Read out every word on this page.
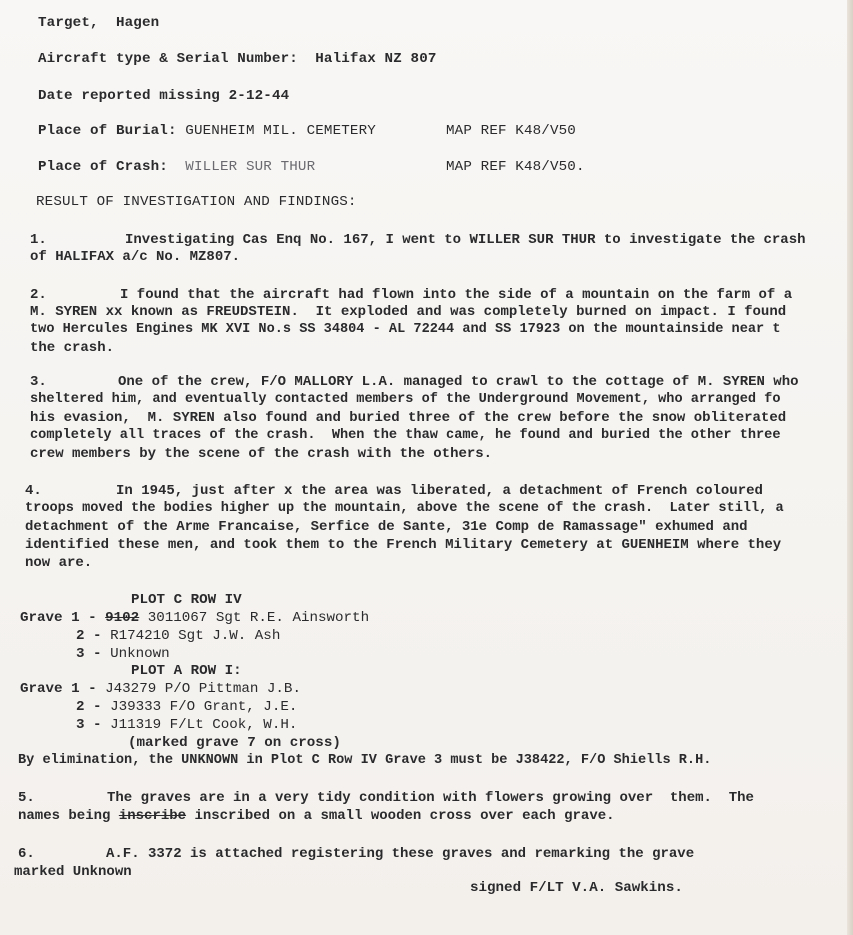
Target, Hagen
Aircraft type & Serial Number: Halifax NZ 807
Date reported missing 2-12-44
Place of Burial: GUENHEIM MIL. CEMETERY	MAP REF K48/V50
Place of Crash: WILLER SUR THUR	MAP REF K48/V50.
RESULT OF INVESTIGATION AND FINDINGS:
1.	Investigating Cas Enq No. 167, I went to WILLER SUR THUR to investigate the crash
of HALIFAX a/c No. MZ807.
2.	I found that the aircraft had flown into the side of a mountain on the farm of a
M. SYREN xx known as FREUDSTEIN.  It exploded and was completely burned on impact. I found
two Hercules Engines MK XVI No.s SS 34804 - AL 72244 and SS 17923 on the mountainside near t
the crash.
3.	One of the crew, F/O MALLORY L.A. managed to crawl to the cottage of M. SYREN who
sheltered him, and eventually contacted members of the Underground Movement, who arranged fo
his evasion,  M. SYREN also found and buried three of the crew before the snow obliterated
completely all traces of the crash.  When the thaw came, he found and buried the other three
crew members by the scene of the crash with the others.
4.	In 1945, just after x the area was liberated, a detachment of French coloured
troops moved the bodies higher up the mountain, above the scene of the crash.  Later still, a
detachment of the Arme Francaise, Serfice de Sante, 31e Comp de Ramassage" exhumed and
identified these men, and took them to the French Military Cemetery at GUENHEIM where they
now are.
PLOT C ROW IV
Grave 1 - 9102 3011067 Sgt R.E. Ainsworth
2 - R174210 Sgt J.W. Ash
3 - Unknown
PLOT A ROW I:
Grave 1 - J43279 P/O Pittman J.B.
2 - J39333 F/O Grant, J.E.
3 - J11319 F/Lt Cook, W.H.
(marked grave 7 on cross)
By elimination, the UNKNOWN in Plot C Row IV Grave 3 must be J38422, F/O Shiells R.H.
5.	The graves are in a very tidy condition with flowers growing over  them.  The
names being inscribe inscribed on a small wooden cross over each grave.
6.	A.F. 3372 is attached registering these graves and remarking the grave
marked Unknown
signed F/LT V.A. Sawkins.
